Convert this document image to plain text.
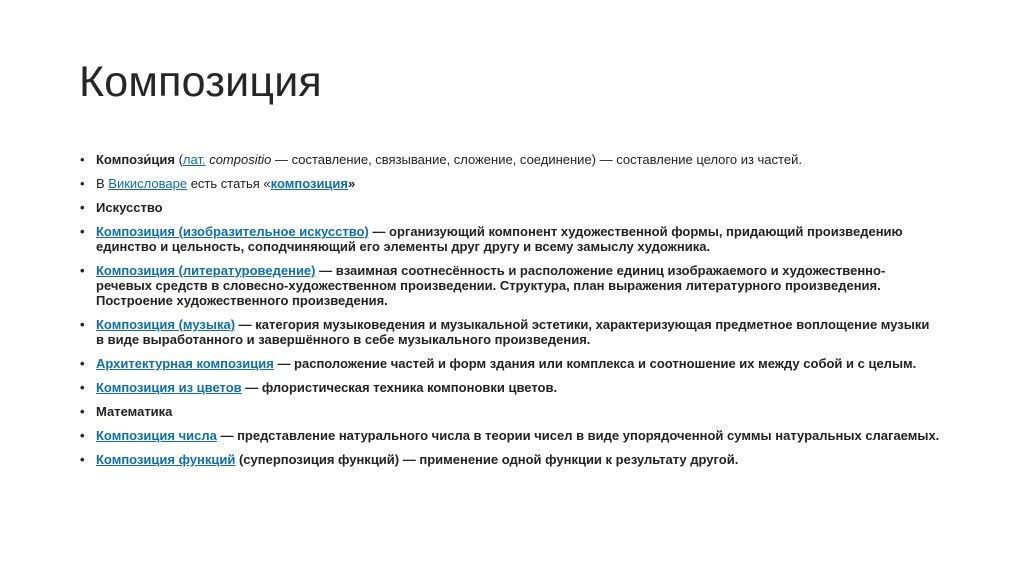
Композиция
• Компози́ция (лат. compositio — составление, связывание, сложение, соединение) — составление целого из частей.
• В Викисловаре есть статья «композиция»
• Искусство
• Композиция (изобразительное искусство) — организующий компонент художественной формы, придающий произведению единство и цельность, соподчиняющий его элементы друг другу и всему замыслу художника.
• Композиция (литературоведение) — взаимная соотнесённость и расположение единиц изображаемого и художественно-речевых средств в словесно-художественном произведении. Структура, план выражения литературного произведения. Построение художественного произведения.
• Композиция (музыка) — категория музыковедения и музыкальной эстетики, характеризующая предметное воплощение музыки в виде выработанного и завершённого в себе музыкального произведения.
• Архитектурная композиция — расположение частей и форм здания или комплекса и соотношение их между собой и с целым.
• Композиция из цветов — флористическая техника компоновки цветов.
• Математика
• Композиция числа — представление натурального числа в теории чисел в виде упорядоченной суммы натуральных слагаемых.
• Композиция функций (суперпозиция функций) — применение одной функции к результату другой.
